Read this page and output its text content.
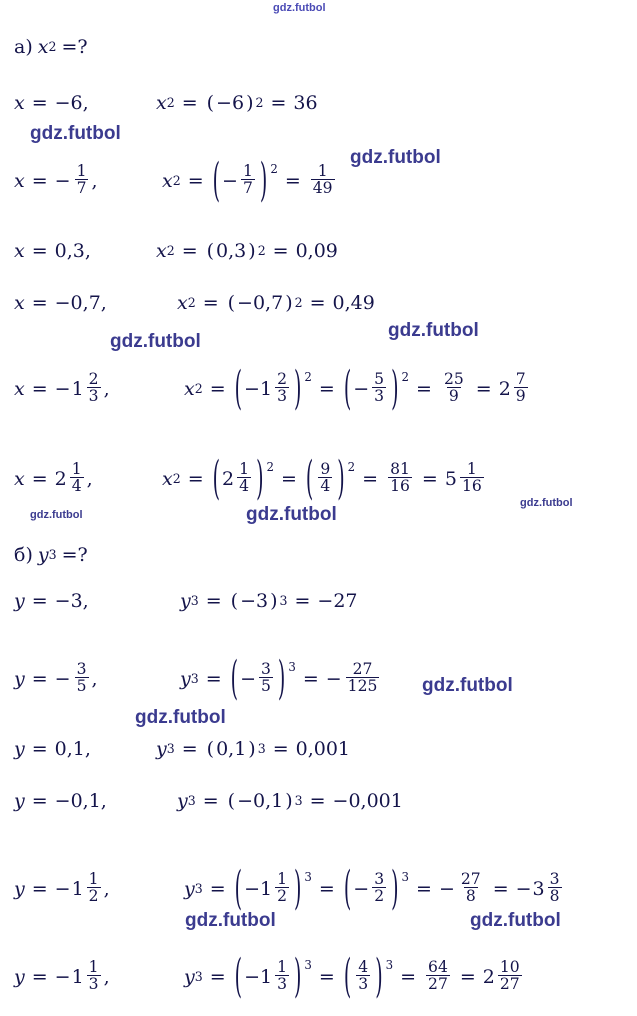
gdz.futbol
gdz.futbol
gdz.futbol
gdz.futbol
gdz.futbol
gdz.futbol	gdz.futbol
gdz.futbol
gdz.futbol
gdz.futbol
gdz.futbol	gdz.futbol
а) x 2 =?
x = −6,	x 2 = ( −6 ) 2 = 36
x = − $\frac{1}{7}$ ,	x 2 = ( − $\frac{1}{7}$ ) 2
= $\frac{1}{49}$
x = 0,3,	x 2 = ( 0,3 ) 2 = 0,09
x = −0,7,	x 2 = ( −0,7 ) 2 = 0,49
x = − $1 \frac{2}{3}$ ,	x 2 = ( − $1 \frac{2}{3}$ ) 2
= ( − $\frac{5}{3}$ ) 2
= $\frac{25}{9} = 2 \frac{7}{9}$
$x = 2 \frac{1}{4}$ ,	x 2 = ( $2 \frac{1}{4}$ ) 2
= ( $\frac{9}{4}$ ) 2
= $\frac{81}{16} = 5 \frac{1}{16}$
б) y 3 =?
y = −3,	y 3 = ( −3 ) 3 = −27
y = − $\frac{3}{5}$ ,	y 3 = ( − $\frac{3}{5}$ ) 3
= − $\frac{27}{125}$
y = 0,1,	y 3 = ( 0,1 ) 3 = 0,001
y = −0,1,	y 3 = ( −0,1 ) 3 = −0,001
y = − $1 \frac{1}{2}$ ,	y 3 = ( − $1 \frac{1}{2}$ ) 3
= ( − $\frac{3}{2}$ ) 3
= − $\frac{27}{8}$ = − $3 \frac{3}{8}$
y = − $1 \frac{1}{3}$ ,	y 3 = ( − $1 \frac{1}{3}$ ) 3
= ( $\frac{4}{3}$ ) 3
= $\frac{64}{27} = 2 \frac{10}{27}$
